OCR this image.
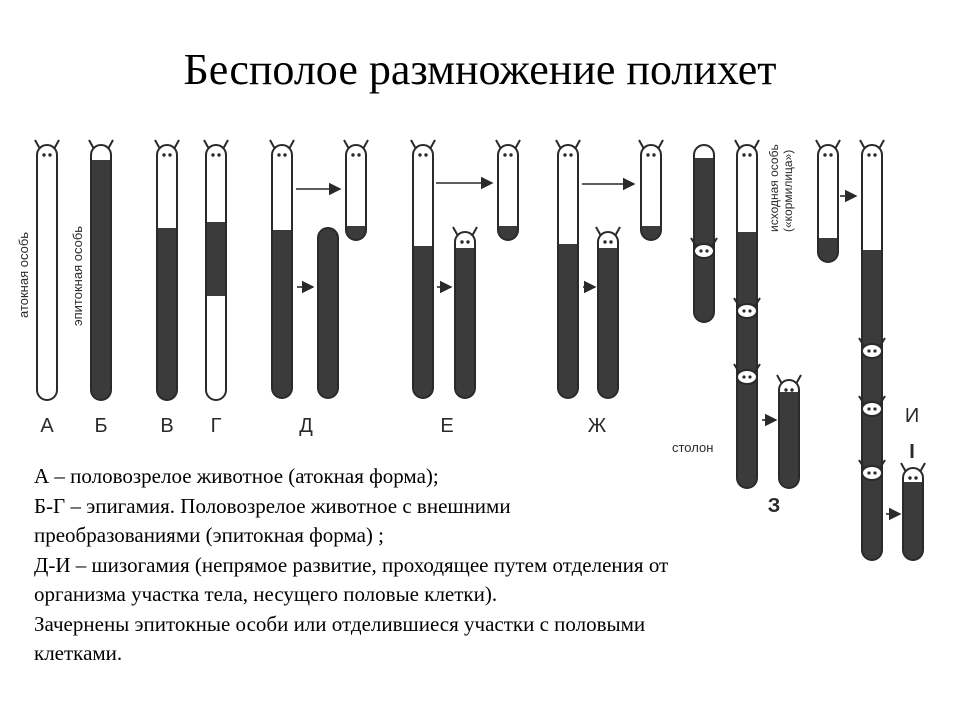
Бесполое размножение полихет
А Б	В Г	Д	Е	Ж
З
И
I
атокная особь	эпитокная особь
исходная особь («кормилица»)
столон

А – половозрелое животное (атокная форма);

Б-Г – эпигамия. Половозрелое животное с внешними преобразованиями (эпитокная форма) ;

Д-И – шизогамия (непрямое развитие, проходящее путем отделения от организма участка тела, несущего половые клетки).

Зачернены эпитокные особи или отделившиеся участки с половыми клетками.
